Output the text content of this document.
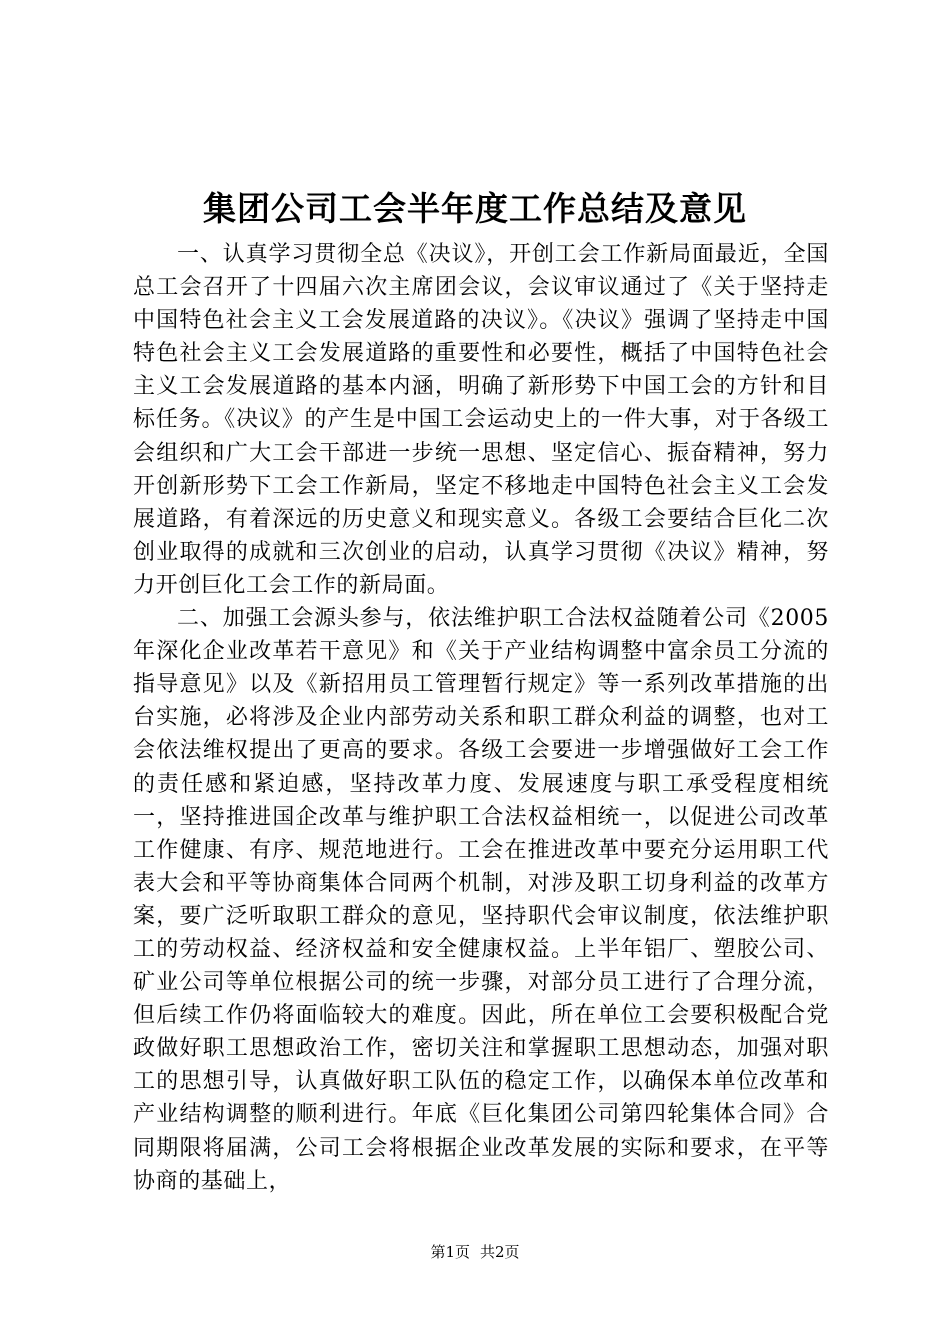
集团公司工会半年度工作总结及意见

一、认真学习贯彻全总《决议》，开创工会工作新局面最近，全国总工会召开了十四届六次主席团会议，会议审议通过了《关于坚持走中国特色社会主义工会发展道路的决议》。《决议》强调了坚持走中国特色社会主义工会发展道路的重要性和必要性，概括了中国特色社会主义工会发展道路的基本内涵，明确了新形势下中国工会的方针和目标任务。《决议》的产生是中国工会运动史上的一件大事，对于各级工会组织和广大工会干部进一步统一思想、坚定信心、振奋精神，努力开创新形势下工会工作新局，坚定不移地走中国特色社会主义工会发展道路，有着深远的历史意义和现实意义。各级工会要结合巨化二次创业取得的成就和三次创业的启动，认真学习贯彻《决议》精神，努力开创巨化工会工作的新局面。

二、加强工会源头参与，依法维护职工合法权益随着公司《2005年深化企业改革若干意见》和《关于产业结构调整中富余员工分流的指导意见》以及《新招用员工管理暂行规定》等一系列改革措施的出台实施，必将涉及企业内部劳动关系和职工群众利益的调整，也对工会依法维权提出了更高的要求。各级工会要进一步增强做好工会工作的责任感和紧迫感，坚持改革力度、发展速度与职工承受程度相统一，坚持推进国企改革与维护职工合法权益相统一，以促进公司改革工作健康、有序、规范地进行。工会在推进改革中要充分运用职工代表大会和平等协商集体合同两个机制，对涉及职工切身利益的改革方案，要广泛听取职工群众的意见，坚持职代会审议制度，依法维护职工的劳动权益、经济权益和安全健康权益。上半年铝厂、塑胶公司、矿业公司等单位根据公司的统一步骤，对部分员工进行了合理分流，但后续工作仍将面临较大的难度。因此，所在单位工会要积极配合党政做好职工思想政治工作，密切关注和掌握职工思想动态，加强对职工的思想引导，认真做好职工队伍的稳定工作，以确保本单位改革和产业结构调整的顺利进行。年底《巨化集团公司第四轮集体合同》合同期限将届满，公司工会将根据企业改革发展的实际和要求，在平等协商的基础上，

第1页 共2页
